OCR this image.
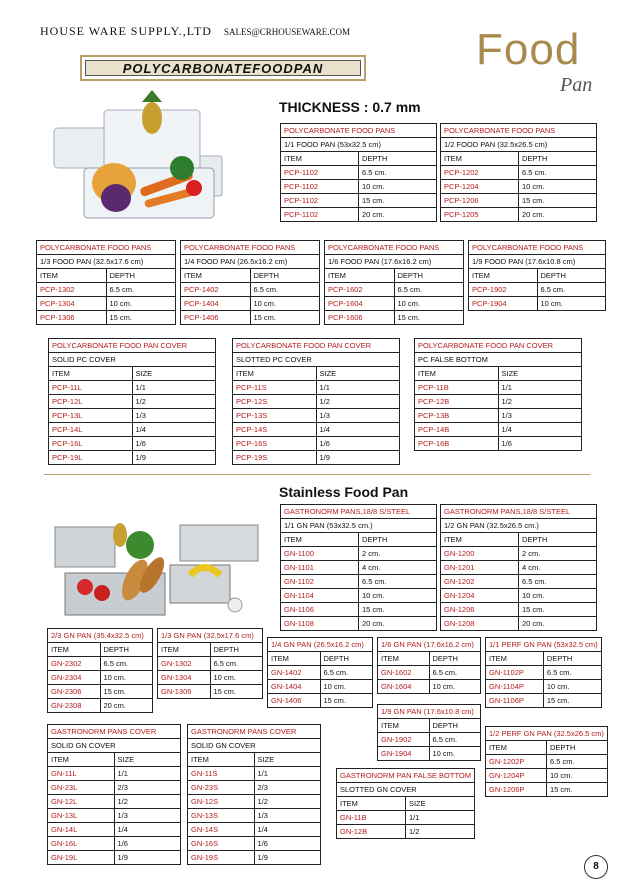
HOUSE WARE SUPPLY.,LTD SALES@CRHOUSEWARE.COM
POLYCARBONATEFOODPAN	Food
Pan
THICKNESS : 0.7 mm
Stainless Food Pan
POLYCARBONATE FOOD PANS	
1/1 FOOD PAN (53x32.5 cm)	
ITEM	DEPTH
PCP-1102	6.5 cm.
PCP-1102	10 cm.
PCP-1102	15 cm.
PCP-1102	20 cm.
POLYCARBONATE FOOD PANS	
1/2 FOOD PAN (32.5x26.5 cm)	
ITEM	DEPTH
PCP-1202	6.5 cm.
PCP-1204	10 cm.
PCP-1206	15 cm.
PCP-1205	20 cm.
POLYCARBONATE FOOD PANS	
1/3 FOOD PAN (32.5x17.6 cm)	
ITEM	DEPTH
PCP-1302	6.5 cm.
PCP-1304	10 cm.
PCP-1306	15 cm.
POLYCARBONATE FOOD PANS	
1/4 FOOD PAN (26.5x16.2 cm)	
ITEM	DEPTH
PCP-1402	6.5 cm.
PCP-1404	10 cm.
PCP-1406	15 cm.
POLYCARBONATE FOOD PANS	
1/6 FOOD PAN (17.6x16.2 cm)	
ITEM	DEPTH
PCP-1602	6.5 cm.
PCP-1604	10 cm.
PCP-1606	15 cm.
POLYCARBONATE FOOD PANS	
1/9 FOOD PAN (17.6x10.8 cm)	
ITEM	DEPTH
PCP-1902	6.5 cm.
PCP-1904	10 cm.
POLYCARBONATE FOOD PAN COVER	
SOLID PC COVER	
ITEM	SIZE
PCP-11L	1/1
PCP-12L	1/2
PCP-13L	1/3
PCP-14L	1/4
PCP-16L	1/6
PCP-19L	1/9
POLYCARBONATE FOOD PAN COVER	
SLOTTED PC COVER	
ITEM	SIZE
PCP-11S	1/1
PCP-12S	1/2
PCP-13S	1/3
PCP-14S	1/4
PCP-16S	1/6
PCP-19S	1/9
POLYCARBONATE FOOD PAN COVER	
PC FALSE BOTTOM	
ITEM	SIZE
PCP-11B	1/1
PCP-12B	1/2
PCP-13B	1/3
PCP-14B	1/4
PCP-16B	1/6
GASTRONORM PANS,18/8 S/STEEL	
1/1 GN PAN (53x32.5 cm.)	
ITEM	DEPTH
GN-1100	2 cm.
GN-1101	4 cm.
GN-1102	6.5 cm.
GN-1104	10 cm.
GN-1106	15 cm.
GN-1108	20 cm.
GASTRONORM PANS,18/8 S/STEEL	
1/2 GN PAN (32.5x26.5 cm.)	
ITEM	DEPTH
GN-1200	2 cm.
GN-1201	4 cm.
GN-1202	6.5 cm.
GN-1204	10 cm.
GN-1206	15 cm.
GN-1208	20 cm.
2/3 GN PAN (35.4x32.5 cm)	
ITEM	DEPTH
GN-2302	6.5 cm.
GN-2304	10 cm.
GN-2306	15 cm.
GN-2308	20 cm.
1/3 GN PAN (32.5x17.6 cm)	
ITEM	DEPTH
GN-1302	6.5 cm.
GN-1304	10 cm.
GN-1306	15 cm.
1/4 GN PAN (26.5x16.2 cm)	
ITEM	DEPTH
GN-1402	6.5 cm.
GN-1404	10 cm.
GN-1406	15 cm.
1/6 GN PAN (17.6x16.2 cm)	
ITEM	DEPTH
GN-1602	6.5 cm.
GN-1604	10 cm.
1/9 GN PAN (17.6x10.8 cm)	
ITEM	DEPTH
GN-1902	6.5 cm.
GN-1904	10 cm.
1/1 PERF GN PAN (53x32.5 cm)	
ITEM	DEPTH
GN-1102P	6.5 cm.
GN-1104P	10 cm.
GN-1106P	15 cm.
1/2 PERF GN PAN (32.5x26.5 cm)	
ITEM	DEPTH
GN-1202P	6.5 cm.
GN-1204P	10 cm.
GN-1206P	15 cm.
GASTRONORM PANS COVER	
SOLID GN COVER	
ITEM	SIZE
GN-11L	1/1
GN-23L	2/3
GN-12L	1/2
GN-13L	1/3
GN-14L	1/4
GN-16L	1/6
GN-19L	1/9
GASTRONORM PANS COVER	
SOLID GN COVER	
ITEM	SIZE
GN-11S	1/1
GN-23S	2/3
GN-12S	1/2
GN-13S	1/3
GN-14S	1/4
GN-16S	1/6
GN-19S	1/9
GASTRONORM PAN FALSE BOTTOM	
SLOTTED GN COVER	
ITEM	SIZE
GN-11B	1/1
GN-12B	1/2
8
